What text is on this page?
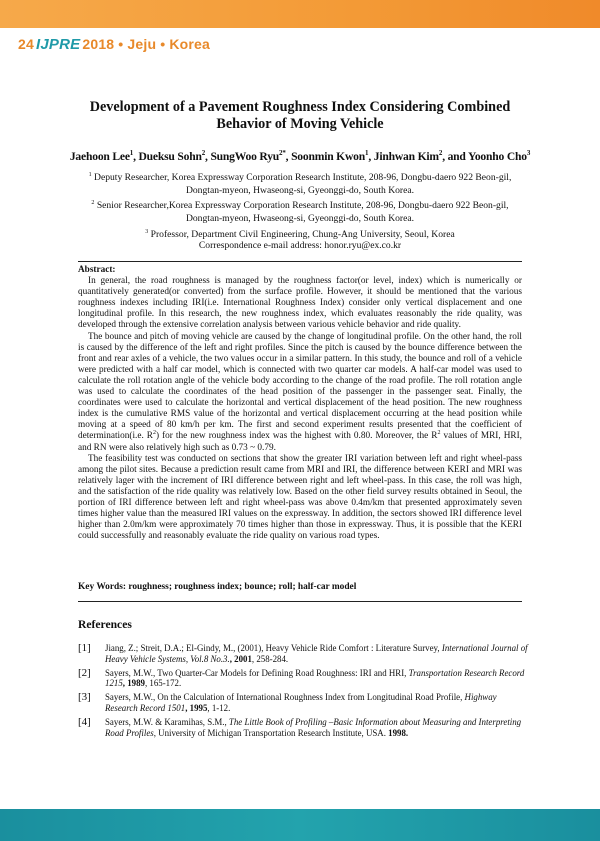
24 IJPRE 2018 • Jeju • Korea
Development of a Pavement Roughness Index Considering Combined
Behavior of Moving Vehicle
Jaehoon Lee$^1$, Dueksu Sohn$^2$, SungWoo Ryu$^{2*}$, Soonmin Kwon$^1$, Jinhwan Kim$^2$, and Yoonho Cho$^3$
$^1$ Deputy Researcher, Korea Expressway Corporation Research Institute, 208-96, Dongbu-daero 922 Beon-gil,
Dongtan-myeon, Hwaseong-si, Gyeonggi-do, South Korea.
$^2$ Senior Researcher,Korea Expressway Corporation Research Institute, 208-96, Dongbu-daero 922 Beon-gil,
Dongtan-myeon, Hwaseong-si, Gyeonggi-do, South Korea.
$^3$ Professor, Department Civil Engineering, Chung-Ang University, Seoul, Korea
Correspondence e-mail address: honor.ryu@ex.co.kr
Abstract:

In general, the road roughness is managed by the roughness factor(or level, index) which is numerically or quantitatively generated(or converted) from the surface profile. However, it should be mentioned that the various roughness indexes including IRI(i.e. International Roughness Index) consider only vertical displacement and one longitudinal profile. In this research, the new roughness index, which evaluates reasonably the ride quality, was developed through the extensive correlation analysis between various vehicle behavior and ride quality.

The bounce and pitch of moving vehicle are caused by the change of longitudinal profile. On the other hand, the roll is caused by the difference of the left and right profiles. Since the pitch is caused by the bounce difference between the front and rear axles of a vehicle, the two values occur in a similar pattern. In this study, the bounce and roll of a vehicle were predicted with a half car model, which is connected with two quarter car models. A half-car model was used to calculate the roll rotation angle of the vehicle body according to the change of the road profile. The roll rotation angle was used to calculate the coordinates of the head position of the passenger in the passenger seat. Finally, the coordinates were used to calculate the horizontal and vertical displacement of the head position. The new roughness index is the cumulative RMS value of the horizontal and vertical displacement occurring at the head position while moving at a speed of 80 km/h per km. The first and second experiment results presented that the coefficient of determination(i.e. $R^2$) for the new roughness index was the highest with 0.80. Moreover, the $R^2$ values of MRI, HRI, and RN were also relatively high such as 0.73 ~ 0.79.

The feasibility test was conducted on sections that show the greater IRI variation between left and right wheel-pass among the pilot sites. Because a prediction result came from MRI and IRI, the difference between KERI and MRI was relatively lager with the increment of IRI difference between right and left wheel-pass. In this case, the roll was high, and the satisfaction of the ride quality was relatively low. Based on the other field survey results obtained in Seoul, the portion of IRI difference between left and right wheel-pass was above 0.4m/km that presented approximately seven times higher value than the measured IRI values on the expressway. In addition, the sectors showed IRI difference level higher than 2.0m/km were approximately 70 times higher than those in expressway. Thus, it is possible that the KERI could successfully and reasonably evaluate the ride quality on various road types.

Key Words: roughness; roughness index; bounce; roll; half-car model
References
[1]	Jiang, Z.; Streit, D.A.; El-Gindy, M., (2001), Heavy Vehicle Ride Comfort : Literature Survey, International Journal of Heavy Vehicle Systems, Vol.8 No.3., 2001, 258-284.
[2]	Sayers, M.W., Two Quarter-Car Models for Defining Road Roughness: IRI and HRI, Transportation Research Record 1215, 1989, 165-172.
[3]	Sayers, M.W., On the Calculation of International Roughness Index from Longitudinal Road Profile, Highway Research Record 1501, 1995, 1-12.
[4]	Sayers, M.W. & Karamihas, S.M., The Little Book of Profiling –Basic Information about Measuring and Interpreting Road Profiles, University of Michigan Transportation Research Institute, USA. 1998.
